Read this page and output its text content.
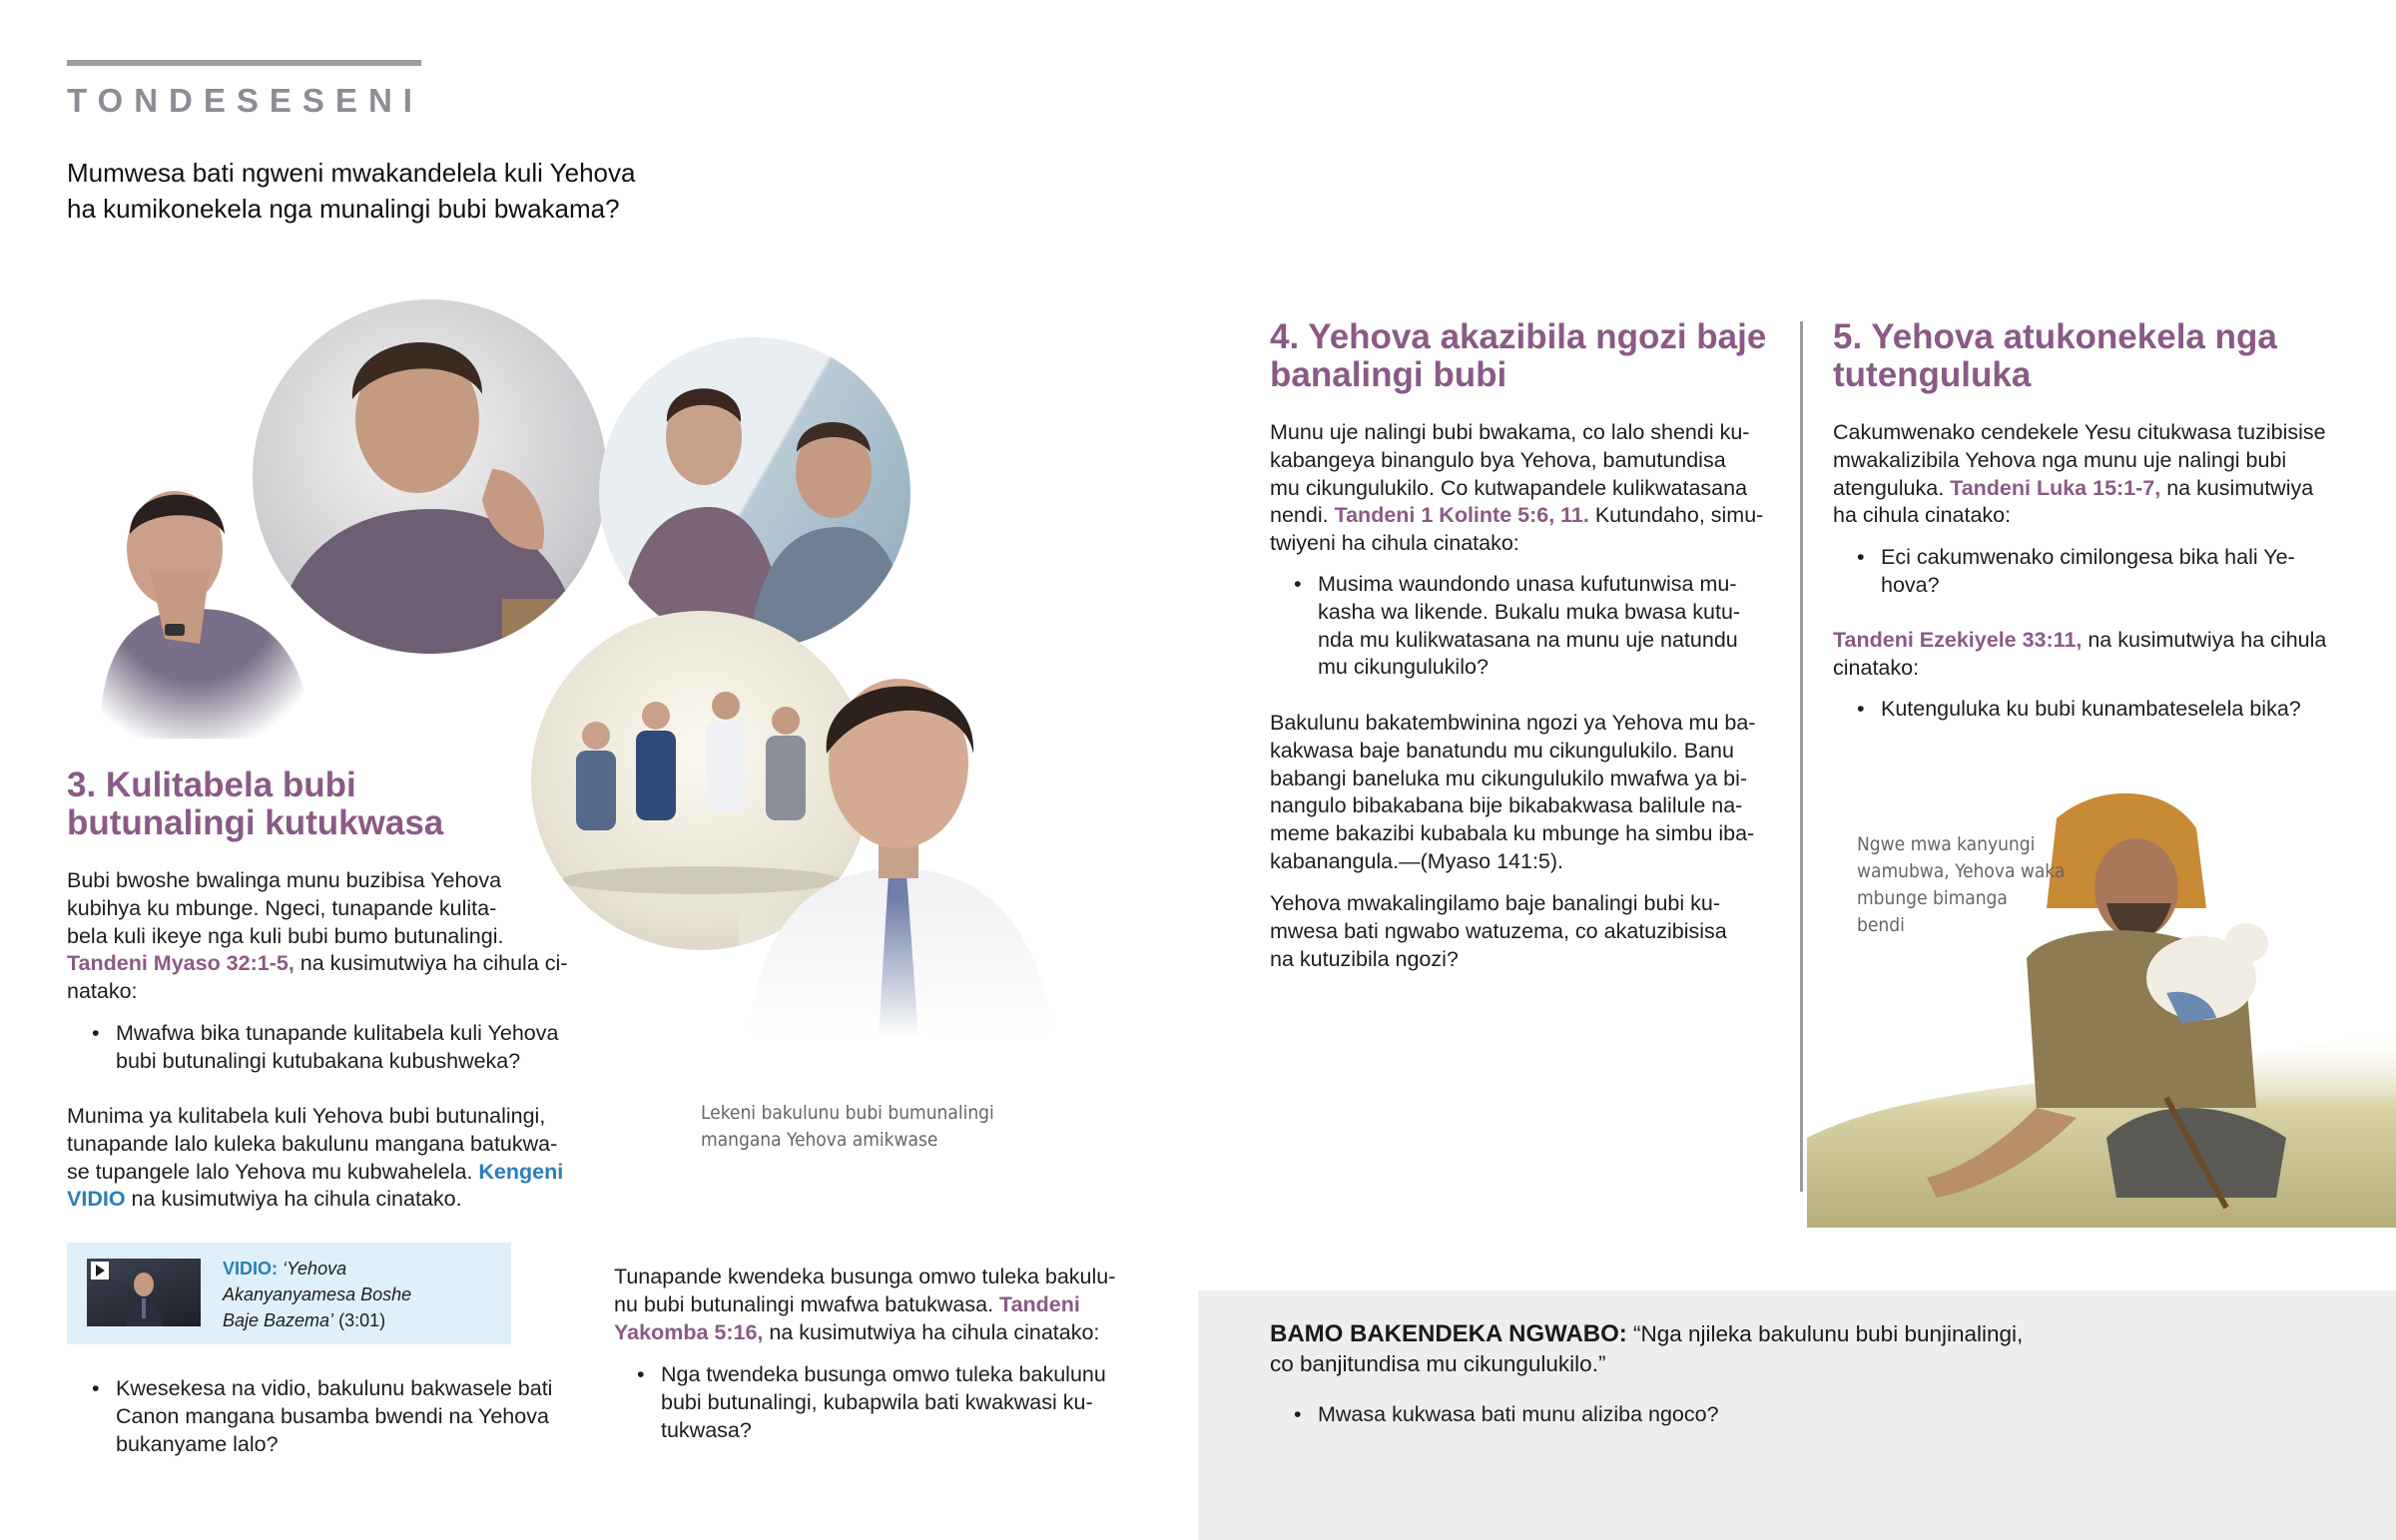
TONDESESENI
Mumwesa bati ngweni mwakandelela kuli Yehova
ha kumikonekela nga munalingi bubi bwakama?
3. Kulitabela bubi
butunalingi kutukwasa
Bubi bwoshe bwalinga munu buzibisa Yehova
kubihya ku mbunge. Ngeci, tunapande kulita-
bela kuli ikeye nga kuli bubi bumo butunalingi.
Tandeni Myaso 32:1-5, na kusimutwiya ha cihula ci-
natako:
• Mwafwa bika tunapande kulitabela kuli Yehova
bubi butunalingi kutubakana kubushweka?
Munima ya kulitabela kuli Yehova bubi butunalingi,
tunapande lalo kuleka bakulunu mangana batukwa-
se tupangele lalo Yehova mu kubwahelela. Kengeni
VIDIO na kusimutwiya ha cihula cinatako.
VIDIO: ‘Yehova
Akanyanyamesa Boshe
Baje Bazema’ (3:01)
• Kwesekesa na vidio, bakulunu bakwasele bati
Canon mangana busamba bwendi na Yehova
bukanyame lalo?
Lekeni bakulunu bubi bumunalingi
mangana Yehova amikwase
Tunapande kwendeka busunga omwo tuleka bakulu-
nu bubi butunalingi mwafwa batukwasa. Tandeni
Yakomba 5:16, na kusimutwiya ha cihula cinatako:
• Nga twendeka busunga omwo tuleka bakulunu
bubi butunalingi, kubapwila bati kwakwasi ku-
tukwasa?
4. Yehova akazibila ngozi baje
banalingi bubi
Munu uje nalingi bubi bwakama, co lalo shendi ku-
kabangeya binangulo bya Yehova, bamutundisa
mu cikungulukilo. Co kutwapandele kulikwatasana
nendi. Tandeni 1 Kolinte 5:6, 11. Kutundaho, simu-
twiyeni ha cihula cinatako:
• Musima waundondo unasa kufutunwisa mu-
kasha wa likende. Bukalu muka bwasa kutu-
nda mu kulikwatasana na munu uje natundu
mu cikungulukilo?
Bakulunu bakatembwinina ngozi ya Yehova mu ba-
kakwasa baje banatundu mu cikungulukilo. Banu
babangi baneluka mu cikungulukilo mwafwa ya bi-
nangulo bibakabana bije bikabakwasa balilule na-
meme bakazibi kubabala ku mbunge ha simbu iba-
kabanangula.—(Myaso 141:5).
Yehova mwakalingilamo baje banalingi bubi ku-
mwesa bati ngwabo watuzema, co akatuzibisisa
na kutuzibila ngozi?
5. Yehova atukonekela nga
tutenguluka
Cakumwenako cendekele Yesu citukwasa tuzibisise
mwakalizibila Yehova nga munu uje nalingi bubi
atenguluka. Tandeni Luka 15:1-7, na kusimutwiya
ha cihula cinatako:
• Eci cakumwenako cimilongesa bika hali Ye-
hova?
Tandeni Ezekiyele 33:11, na kusimutwiya ha cihula
cinatako:
• Kutenguluka ku bubi kunambateselela bika?
Ngwe mwa kanyungi
wamubwa, Yehova waka
mbunge bimanga
bendi
BAMO BAKENDEKA NGWABO: “Nga njileka bakulunu bubi bunjinalingi,
co banjitundisa mu cikungulukilo.”
• Mwasa kukwasa bati munu aliziba ngoco?
